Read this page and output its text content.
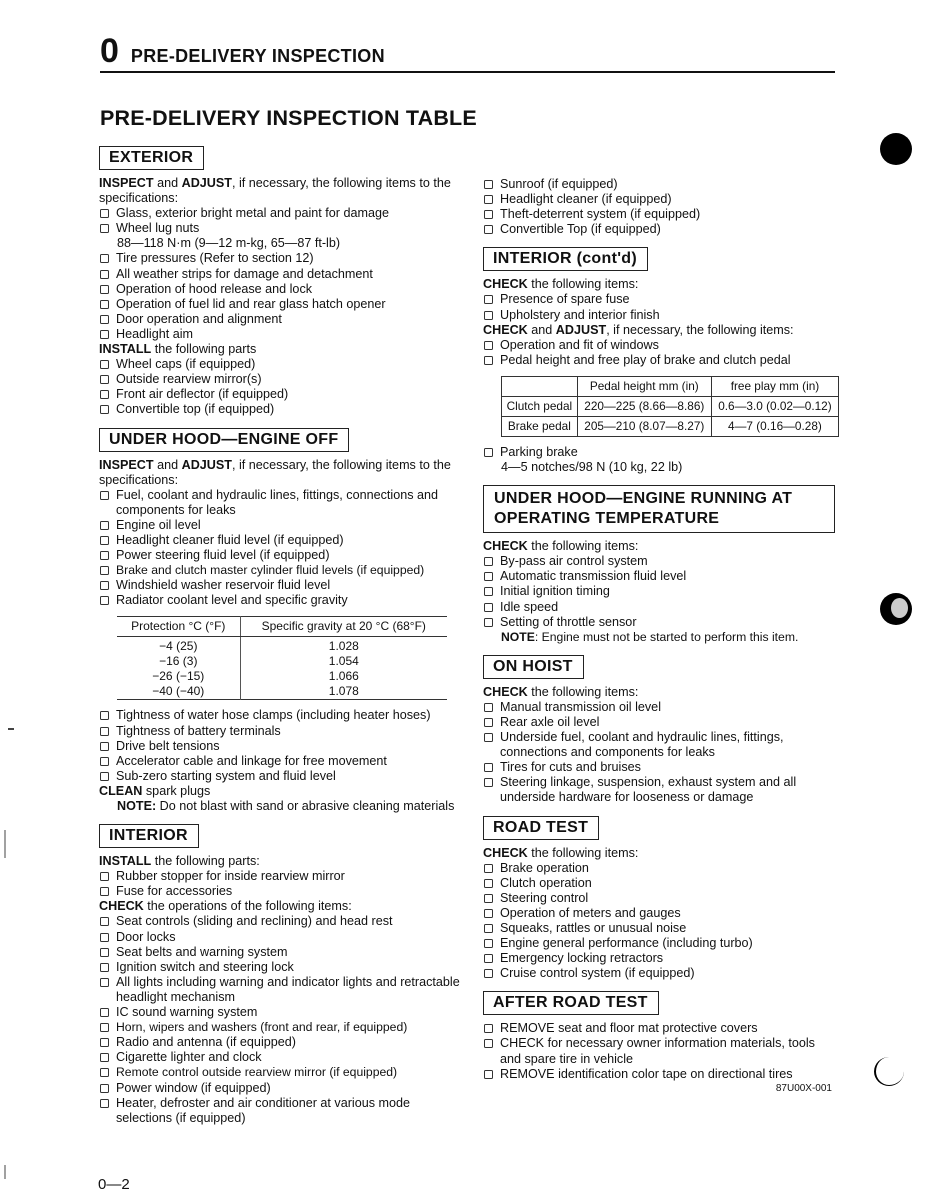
0 PRE-DELIVERY INSPECTION
PRE-DELIVERY INSPECTION TABLE
EXTERIOR
INSPECT and ADJUST, if necessary, the following items to the specifications:
Glass, exterior bright metal and paint for damage
Wheel lug nuts
88—118 N·m (9—12 m-kg, 65—87 ft-lb)
Tire pressures (Refer to section 12)
All weather strips for damage and detachment
Operation of hood release and lock
Operation of fuel lid and rear glass hatch opener
Door operation and alignment
Headlight aim
INSTALL the following parts
Wheel caps (if equipped)
Outside rearview mirror(s)
Front air deflector (if equipped)
Convertible top (if equipped)
UNDER HOOD—ENGINE OFF
INSPECT and ADJUST, if necessary, the following items to the specifications:
Fuel, coolant and hydraulic lines, fittings, connections and components for leaks
Engine oil level
Headlight cleaner fluid level (if equipped)
Power steering fluid level (if equipped)
Brake and clutch master cylinder fluid levels (if equipped)
Windshield washer reservoir fluid level
Radiator coolant level and specific gravity
Protection °C (°F)	Specific gravity at 20 °C (68°F)
−4 (25)	1.028
−16 (3)	1.054
−26 (−15)	1.066
−40 (−40)	1.078
Tightness of water hose clamps (including heater hoses)
Tightness of battery terminals
Drive belt tensions
Accelerator cable and linkage for free movement
Sub-zero starting system and fluid level
CLEAN spark plugs
NOTE: Do not blast with sand or abrasive cleaning materials
INTERIOR
INSTALL the following parts:
Rubber stopper for inside rearview mirror
Fuse for accessories
CHECK the operations of the following items:
Seat controls (sliding and reclining) and head rest
Door locks
Seat belts and warning system
Ignition switch and steering lock
All lights including warning and indicator lights and retractable headlight mechanism
IC sound warning system
Horn, wipers and washers (front and rear, if equipped)
Radio and antenna (if equipped)
Cigarette lighter and clock
Remote control outside rearview mirror (if equipped)
Power window (if equipped)
Heater, defroster and air conditioner at various mode selections (if equipped)
Sunroof (if equipped)
Headlight cleaner (if equipped)
Theft-deterrent system (if equipped)
Convertible Top (if equipped)
INTERIOR (cont'd)
CHECK the following items:
Presence of spare fuse
Upholstery and interior finish
CHECK and ADJUST, if necessary, the following items:
Operation and fit of windows
Pedal height and free play of brake and clutch pedal
	Pedal height mm (in)	free play mm (in)
Clutch pedal	220—225 (8.66—8.86)	0.6—3.0 (0.02—0.12)
Brake pedal	205—210 (8.07—8.27)	4—7 (0.16—0.28)
Parking brake
4—5 notches/98 N (10 kg, 22 lb)
UNDER HOOD—ENGINE RUNNING AT OPERATING TEMPERATURE
CHECK the following items:
By-pass air control system
Automatic transmission fluid level
Initial ignition timing
Idle speed
Setting of throttle sensor
NOTE: Engine must not be started to perform this item.
ON HOIST
CHECK the following items:
Manual transmission oil level
Rear axle oil level
Underside fuel, coolant and hydraulic lines, fittings, connections and components for leaks
Tires for cuts and bruises
Steering linkage, suspension, exhaust system and all underside hardware for looseness or damage
ROAD TEST
CHECK the following items:
Brake operation
Clutch operation
Steering control
Operation of meters and gauges
Squeaks, rattles or unusual noise
Engine general performance (including turbo)
Emergency locking retractors
Cruise control system (if equipped)
AFTER ROAD TEST
REMOVE seat and floor mat protective covers
CHECK for necessary owner information materials, tools and spare tire in vehicle
REMOVE identification color tape on directional tires
87U00X-001
0—2
